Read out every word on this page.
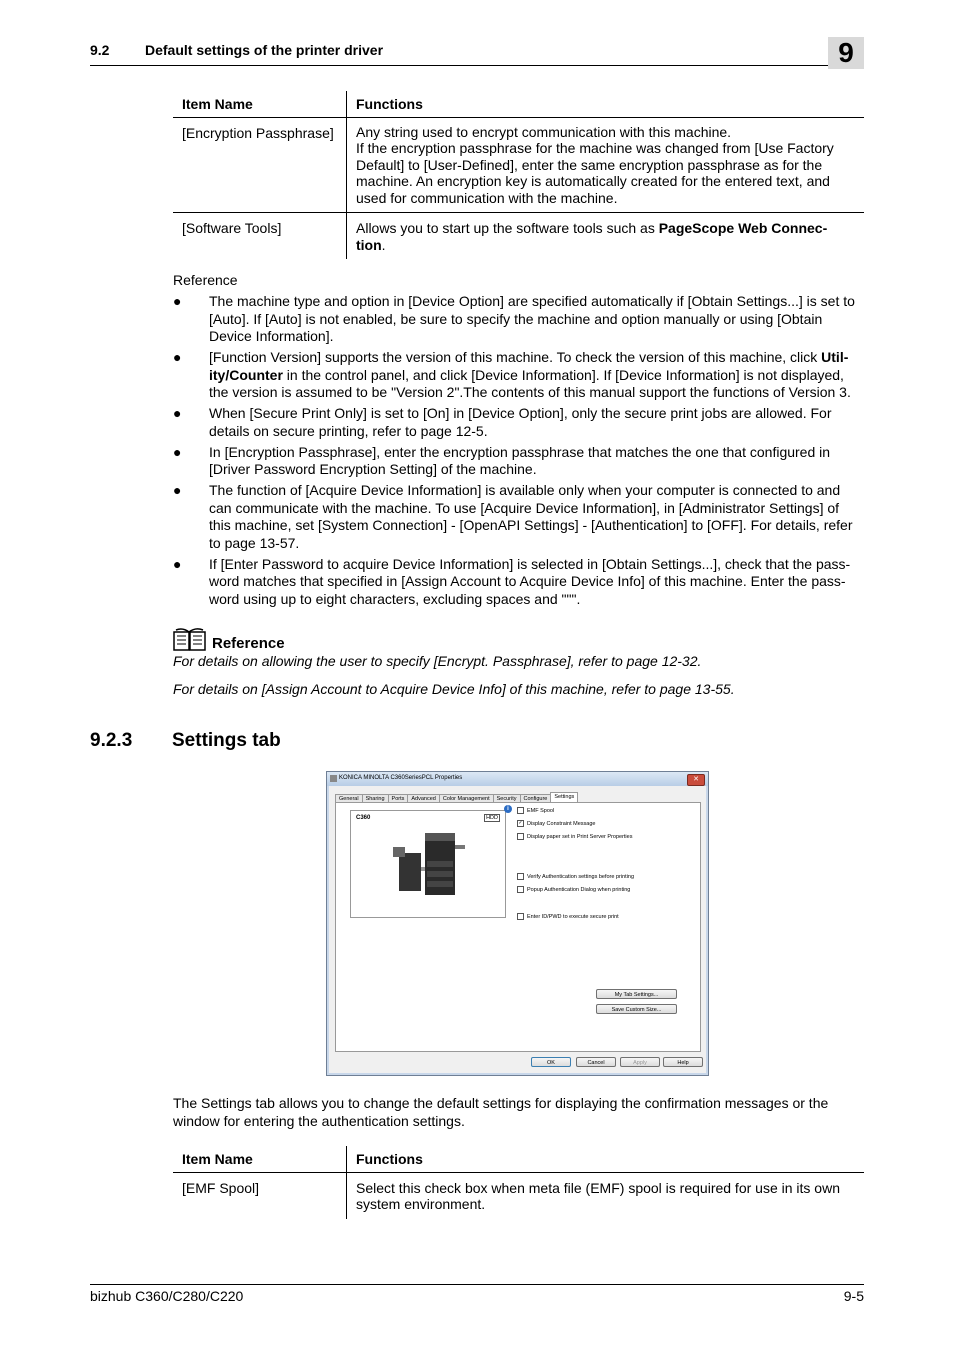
9.2	Default settings of the printer driver	9
Item Name	Functions
[Encryption Passphrase]	Any string used to encrypt communication with this machine.
If the encryption passphrase for the machine was changed from [Use Factory Default] to [User-Defined], enter the same encryption passphrase as for the machine. An encryption key is automatically created for the entered text, and used for communication with the machine.
[Software Tools]	Allows you to start up the software tools such as PageScope Web Connec-tion.
Reference
● The machine type and option in [Device Option] are specified automatically if [Obtain Settings...] is set to [Auto]. If [Auto] is not enabled, be sure to specify the machine and option manually or using [Obtain Device Information].
● [Function Version] supports the version of this machine. To check the version of this machine, click Util-ity/Counter in the control panel, and click [Device Information]. If [Device Information] is not displayed, the version is assumed to be "Version 2".The contents of this manual support the functions of Version 3.
● When [Secure Print Only] is set to [On] in [Device Option], only the secure print jobs are allowed. For details on secure printing, refer to page 12-5.
● In [Encryption Passphrase], enter the encryption passphrase that matches the one that configured in [Driver Password Encryption Setting] of the machine.
● The function of [Acquire Device Information] is available only when your computer is connected to and can communicate with the machine. To use [Acquire Device Information], in [Administrator Settings] of this machine, set [System Connection] - [OpenAPI Settings] - [Authentication] to [OFF]. For details, refer to page 13-57.
● If [Enter Password to acquire Device Information] is selected in [Obtain Settings...], check that the pass-word matches that specified in [Assign Account to Acquire Device Info] of this machine. Enter the pass-word using up to eight characters, excluding spaces and """.
Reference
For details on allowing the user to specify [Encrypt. Passphrase], refer to page 12-32.
For details on [Assign Account to Acquire Device Info] of this machine, refer to page 13-55.
9.2.3 Settings tab
KONICA MINOLTA C360SeriesPCL Properties	✕
General Sharing Ports Advanced Color Management Security Configure Settings
C360	HDD
i	EMF Spool
✓ Display Constraint Message
Display paper set in Print Server Properties
Verify Authentication settings before printing
Popup Authentication Dialog when printing
Enter ID/PWD to execute secure print
My Tab Settings...
Save Custom Size...
OK	Cancel	Apply	Help
The Settings tab allows you to change the default settings for displaying the confirmation messages or the window for entering the authentication settings.
Item Name	Functions
[EMF Spool]	Select this check box when meta file (EMF) spool is required for use in its own system environment.
bizhub C360/C280/C220	9-5
